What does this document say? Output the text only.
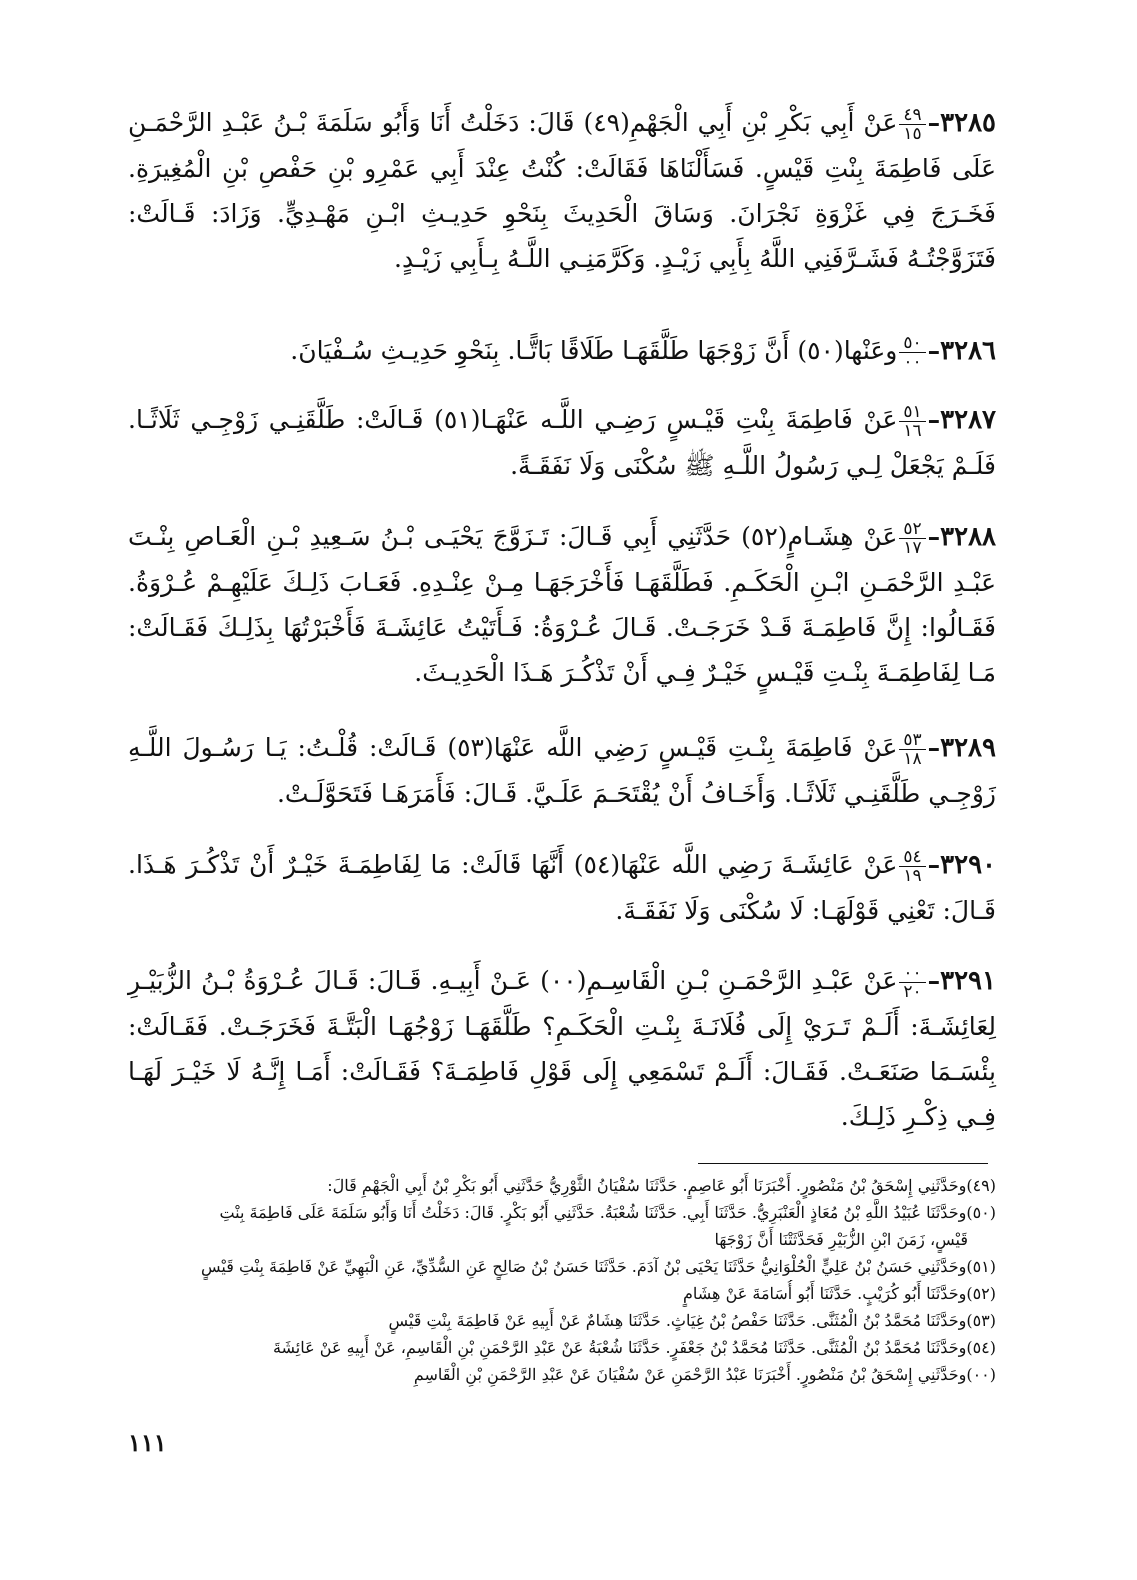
٣٢٨٥–
$\frac{٤٩}{١٥}$
عَنْ أَبِي بَكْرِ بْنِ أَبِي الْجَهْمِ(٤٩) قَالَ: دَخَلْتُ أَنَا وَأَبُو سَلَمَةَ بْـنُ عَبْـدِ الرَّحْمَـنِ عَلَى فَاطِمَةَ بِنْتِ قَيْسٍ. فَسَأَلْنَاهَا فَقَالَتْ: كُنْتُ عِنْدَ أَبِي عَمْرِو بْنِ حَفْصِ بْنِ الْمُغِيرَةِ. فَخَـرَجَ فِي غَزْوَةِ نَجْرَانَ. وَسَاقَ الْحَدِيثَ بِنَحْوِ حَدِيـثِ ابْـنِ مَهْـدِيٍّ. وَزَادَ: قَـالَتْ: فَتَزَوَّجْتُـهُ فَشَـرَّفَنِي اللَّهُ بِأَبِي زَيْـدٍ. وَكَرَّمَنِـي اللَّـهُ بِـأَبِي زَيْـدٍ.
٣٢٨٦–
$\frac{٥٠}{٠٠}$
وعَنْها(٥٠) أَنَّ زَوْجَهَا طَلَّقَهَـا طَلَاقًا بَاتًّـا. بِنَحْوِ حَدِيـثِ سُـفْيَانَ.
٣٢٨٧–
$\frac{٥١}{١٦}$
عَنْ فَاطِمَةَ بِنْتِ قَيْـسٍ رَضِـي اللَّـه عَنْهَـا(٥١) قَـالَتْ: طَلَّقَنِـي زَوْجِـي ثَلَاثًـا. فَلَـمْ يَجْعَلْ لِـي رَسُولُ اللَّـهِ ﷺ سُكْنَى وَلَا نَفَقَـةً.
٣٢٨٨–
$\frac{٥٢}{١٧}$
عَنْ هِشَـامٍ(٥٢) حَدَّثَنِي أَبِي قَـالَ: تَـزَوَّجَ يَحْيَـى بْـنُ سَـعِيدِ بْـنِ الْعَـاصِ بِنْـتَ عَبْـدِ الرَّحْمَـنِ ابْـنِ الْحَكَـمِ. فَطَلَّقَهَـا فَأَخْرَجَهَـا مِـنْ عِنْـدِهِ. فَعَـابَ ذَلِـكَ عَلَيْهِـمْ عُـرْوَةُ. فَقَـالُوا: إِنَّ فَاطِمَـةَ قَـدْ خَرَجَـتْ. قَـالَ عُـرْوَةُ: فَـأَتَيْتُ عَائِشَـةَ فَأَخْبَرْتُهَا بِذَلِـكَ فَقَـالَتْ: مَـا لِفَاطِمَـةَ بِنْـتِ قَيْـسٍ خَيْـرٌ فِـي أَنْ تَذْكُـرَ هَـذَا الْحَدِيـثَ.
٣٢٨٩–
$\frac{٥٣}{١٨}$
عَنْ فَاطِمَةَ بِنْـتِ قَيْـسٍ رَضِي اللَّه عَنْهَا(٥٣) قَـالَتْ: قُلْـتُ: يَـا رَسُـولَ اللَّـهِ زَوْجِـي طَلَّقَنِـي ثَلَاثًـا. وَأَخَـافُ أَنْ يُقْتَحَـمَ عَلَـيَّ. قَـالَ: فَأَمَرَهَـا فَتَحَوَّلَـتْ.
٣٢٩٠–
$\frac{٥٤}{١٩}$
عَنْ عَائِشَـةَ رَضِي اللَّه عَنْهَا(٥٤) أَنَّهَا قَالَتْ: مَا لِفَاطِمَـةَ خَيْـرٌ أَنْ تَذْكُـرَ هَـذَا. قَـالَ: تَعْنِي قَوْلَهَـا: لَا سُكْنَى وَلَا نَفَقَـةَ.
٣٢٩١–
$\frac{٠٠}{٢٠}$
عَنْ عَبْـدِ الرَّحْمَـنِ بْـنِ الْقَاسِـمِ(٠٠) عَـنْ أَبِيـهِ. قَـالَ: قَـالَ عُـرْوَةُ بْـنُ الزُّبَيْـرِ لِعَائِشَـةَ: أَلَـمْ تَـرَيْ إِلَى فُلَانَـةَ بِنْـتِ الْحَكَـمِ؟ طَلَّقَهَـا زَوْجُهَـا الْبَتَّـةَ فَخَرَجَـتْ. فَقَـالَتْ: بِئْسَـمَا صَنَعَـتْ. فَقَـالَ: أَلَـمْ تَسْمَعِي إِلَى قَوْلِ فَاطِمَـةَ؟ فَقَـالَتْ: أَمَـا إِنَّـهُ لَا خَيْـرَ لَهَـا فِـي ذِكْـرِ ذَلِـكَ.
(٤٩)وحَدَّثَنِي إِسْحَقُ بْنُ مَنْصُورٍ. أَخْبَرَنَا أَبُو عَاصِمٍ. حَدَّثَنَا سُفْيَانُ الثَّوْرِيُّ حَدَّثَنِي أَبُو بَكْرِ بْنُ أَبِي الْجَهْمِ قَالَ:
(٥٠)وحَدَّثَنَا عُبَيْدُ اللَّهِ بْنُ مُعَاذٍ الْعَنْبَرِيُّ. حَدَّثَنَا أَبِي. حَدَّثَنَا شُعْبَةُ. حَدَّثَنِي أَبُو بَكْرٍ. قَالَ: دَخَلْتُ أَنَا وَأَبُو سَلَمَةَ عَلَى فَاطِمَةَ بِنْتِ
قَيْسٍ، زَمَنَ ابْنِ الزُّبَيْرِ فَحَدَّثَتْنَا أَنَّ زَوْجَهَا
(٥١)وحَدَّثَنِي حَسَنُ بْنُ عَلِيٍّ الْحُلْوَانِيُّ حَدَّثَنَا يَحْيَى بْنُ آدَمَ. حَدَّثَنَا حَسَنُ بْنُ صَالِحٍ عَنِ السُّدِّيِّ، عَنِ الْبَهِيِّ عَنْ فَاطِمَةَ بِنْتِ قَيْسٍ
(٥٢)وحَدَّثَنَا أَبُو كُرَيْبٍ. حَدَّثَنَا أَبُو أُسَامَةَ عَنْ هِشَامٍ
(٥٣)وحَدَّثَنَا مُحَمَّدُ بْنُ الْمُثَنَّى. حَدَّثَنَا حَفْصُ بْنُ غِيَاثٍ. حَدَّثَنَا هِشَامٌ عَنْ أَبِيهِ عَنْ فَاطِمَةَ بِنْتِ قَيْسٍ
(٥٤)وحَدَّثَنَا مُحَمَّدُ بْنُ الْمُثَنَّى. حَدَّثَنَا مُحَمَّدُ بْنُ جَعْفَرٍ. حَدَّثَنَا شُعْبَةُ عَنْ عَبْدِ الرَّحْمَنِ بْنِ الْقَاسِمِ، عَنْ أَبِيهِ عَنْ عَائِشَةَ
(٠٠)وحَدَّثَنِي إِسْحَقُ بْنُ مَنْصُورٍ. أَخْبَرَنَا عَبْدُ الرَّحْمَنِ عَنْ سُفْيَانَ عَنْ عَبْدِ الرَّحْمَنِ بْنِ الْقَاسِمِ
١١١
